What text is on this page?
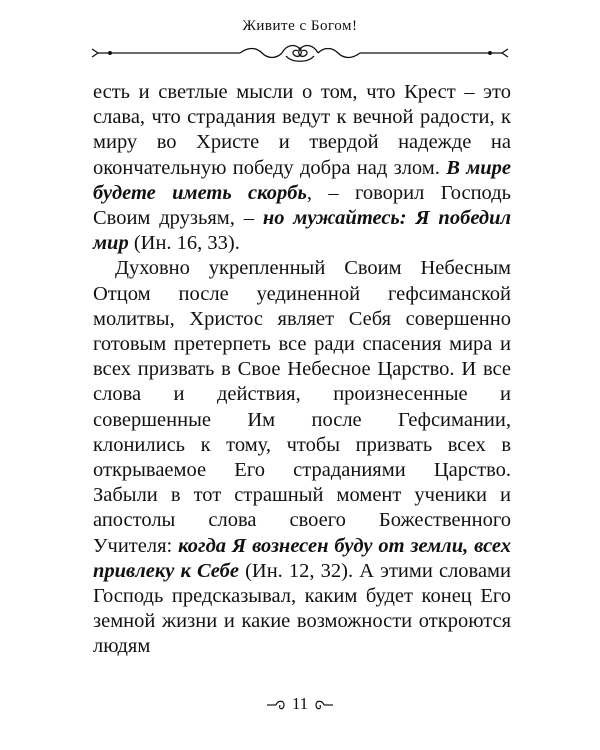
Живите с Богом!

есть и светлые мысли о том, что Крест – это слава, что страдания ведут к вечной радости, к миру во Христе и твердой надежде на окончательную победу добра над злом. В мире будете иметь скорбь, – говорил Господь Своим друзьям, – но мужайтесь: Я победил мир (Ин. 16, 33).

Духовно укрепленный Своим Небесным Отцом после уединенной гефсиманской молитвы, Христос являет Себя совершенно готовым претерпеть все ради спасения мира и всех призвать в Свое Небесное Царство. И все слова и действия, произнесенные и совершенные Им после Гефсимании, клонились к тому, чтобы призвать всех в открываемое Его страданиями Царство. Забыли в тот страшный момент ученики и апостолы слова своего Божественного Учителя: когда Я вознесен буду от земли, всех привлеку к Себе (Ин. 12, 32). А этими словами Господь предсказывал, каким будет конец Его земной жизни и какие возможности откроются людям

11
